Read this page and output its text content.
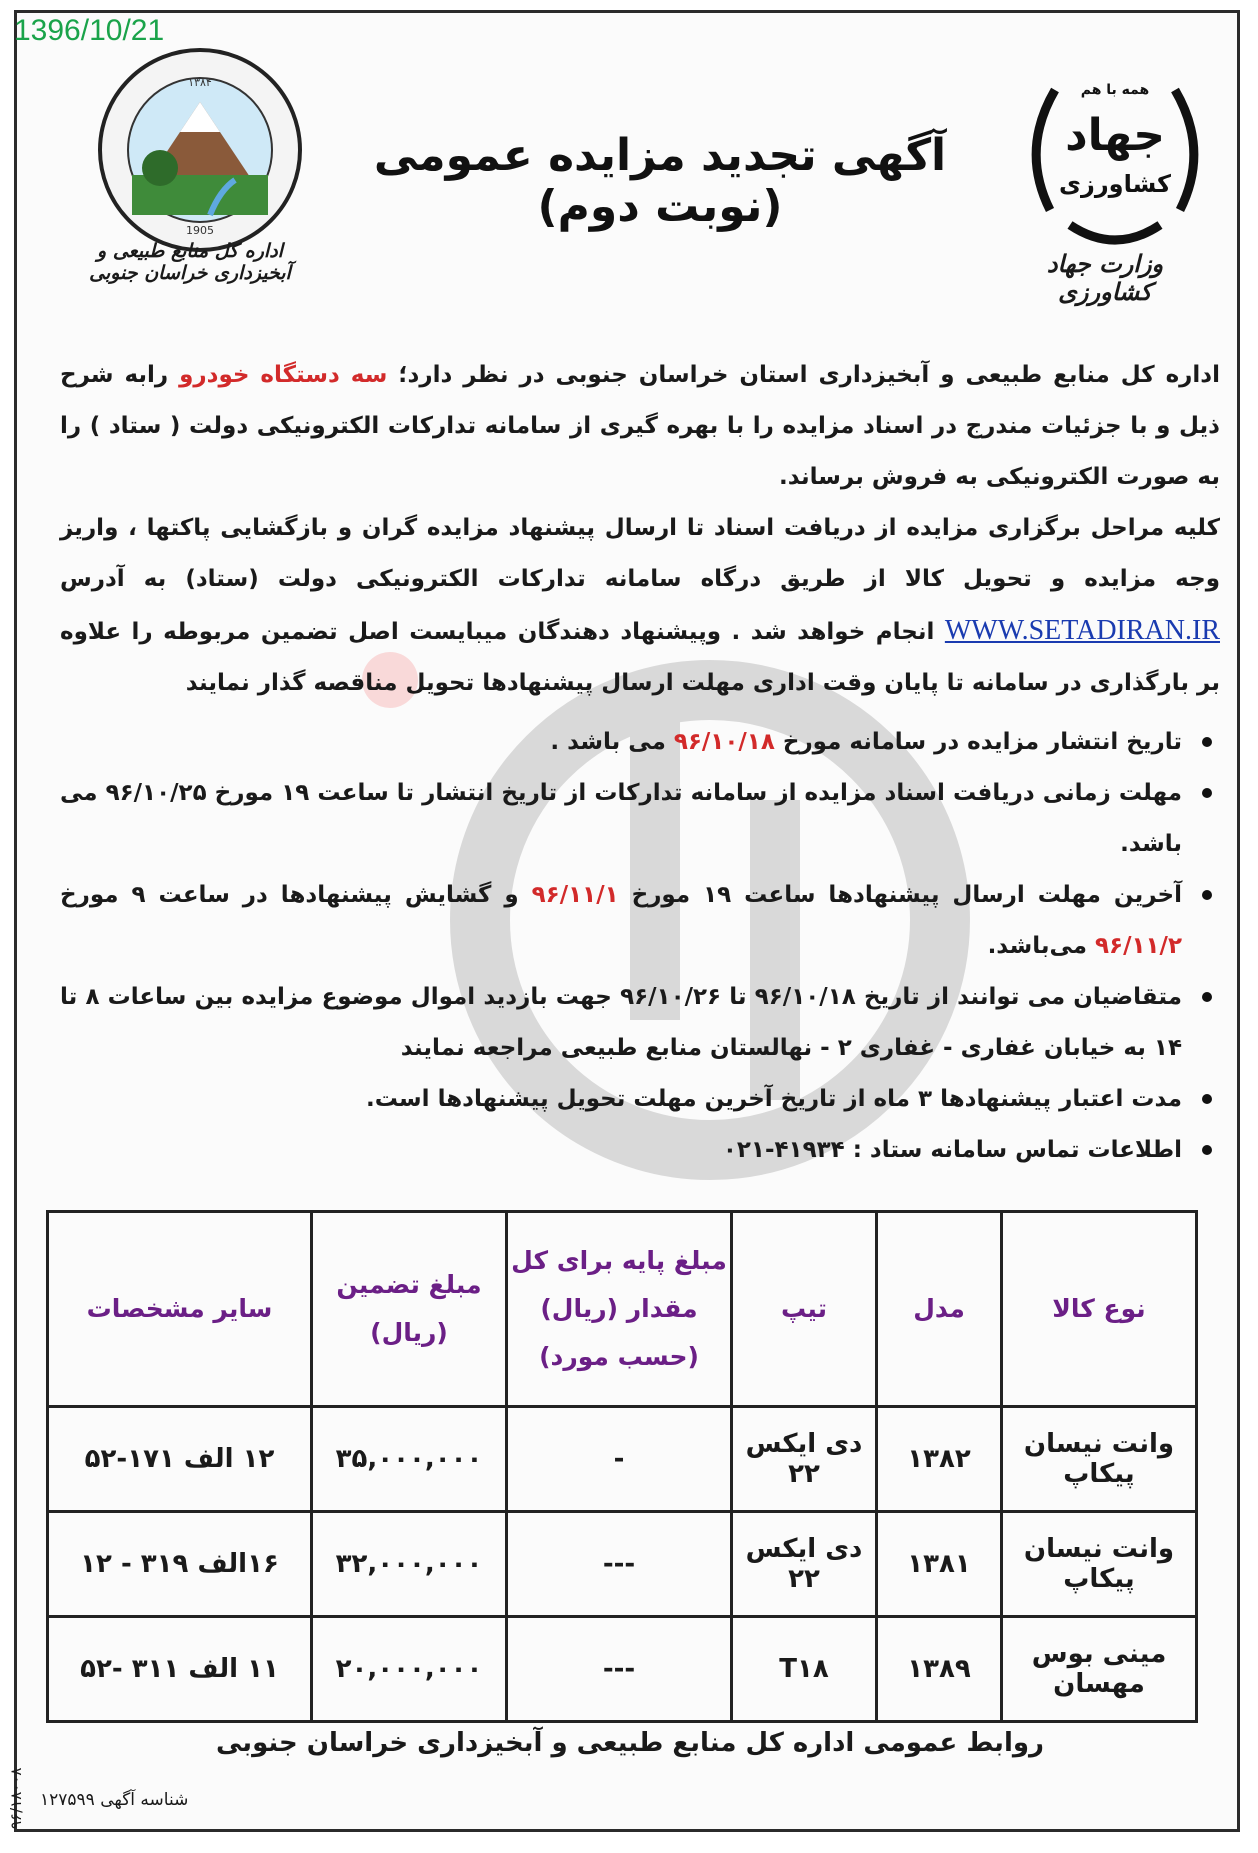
1396/10/21
۱۳۸۴
1905
اداره کل منابع طبیعی و آبخیزداری خراسان جنوبی
همه با هم
جهاد
کشاورزی
وزارت جهاد کشاورزی
آگهی تجدید مزایده عمومی (نوبت دوم)

اداره کل منابع طبیعی و آبخیزداری استان خراسان جنوبی در نظر دارد؛ سه دستگاه خودرو رابه شرح ذیل و با جزئیات مندرج در اسناد مزایده را با بهره گیری از سامانه تدارکات الکترونیکی دولت ( ستاد ) را به صورت الکترونیکی به فروش برساند.

کلیه مراحل برگزاری مزایده از دریافت اسناد تا ارسال پیشنهاد مزایده گران و بازگشایی پاکتها ، واریز وجه مزایده و تحویل کالا از طریق درگاه سامانه تدارکات الکترونیکی دولت (ستاد) به آدرس WWW.SETADIRAN.IR انجام خواهد شد . وپیشنهاد دهندگان میبایست اصل تضمین مربوطه را علاوه بر بارگذاری در سامانه تا پایان وقت اداری مهلت ارسال پیشنهادها تحویل مناقصه گذار نمایند

تاریخ انتشار مزایده در سامانه مورخ ۹۶/۱۰/۱۸ می باشد .
مهلت زمانی دریافت اسناد مزایده از سامانه تدارکات از تاریخ انتشار تا ساعت ۱۹ مورخ ۹۶/۱۰/۲۵ می باشد.
آخرین مهلت ارسال پیشنهادها ساعت ۱۹ مورخ ۹۶/۱۱/۱ و گشایش پیشنهادها در ساعت ۹ مورخ ۹۶/۱۱/۲ می‌باشد.
متقاضیان می توانند از تاریخ ۹۶/۱۰/۱۸ تا ۹۶/۱۰/۲۶ جهت بازدید اموال موضوع مزایده بین ساعات ۸ تا ۱۴ به خیابان غفاری - غفاری ۲ - نهالستان منابع طبیعی مراجعه نمایند
مدت اعتبار پیشنهادها ۳ ماه از تاریخ آخرین مهلت تحویل پیشنهادها است.
اطلاعات تماس سامانه ستاد : ۴۱۹۳۴-۰۲۱
نوع کالا	مدل	تیپ	مبلغ پایه برای کل مقدار (ریال) (حسب مورد)	مبلغ تضمین (ریال)	سایر مشخصات
وانت نیسان پیکاپ	۱۳۸۲	دی ایکس ۲۲	-	۳۵,۰۰۰,۰۰۰	۱۲ الف ۱۷۱-۵۲
وانت نیسان پیکاپ	۱۳۸۱	دی ایکس ۲۲	---	۳۲,۰۰۰,۰۰۰	۱۶الف ۳۱۹ - ۱۲
مینی بوس مهسان	۱۳۸۹	T۱۸	---	۲۰,۰۰۰,۰۰۰	۱۱ الف ۳۱۱ -۵۲
روابط عمومی اداره کل منابع طبیعی و آبخیزداری خراسان جنوبی
شناسه آگهی ۱۲۷۵۹۹
۹۶/۱۸۰۰۸
